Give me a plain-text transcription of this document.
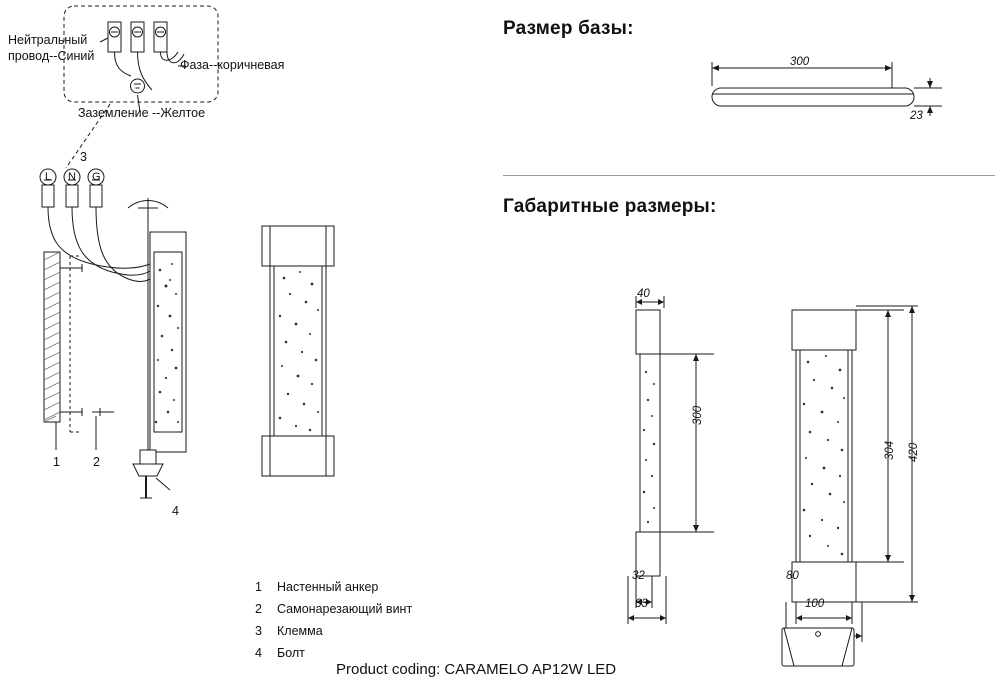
Нейтральный
провод--Синий
Фаза--коричневая
Заземление --Желтое
3
1	2
4
1	Настенный анкер
2	Самонарезающий винт
3	Клемма
4	Болт
Product coding: CARAMELO AP12W LED
Размер базы:
300
23
Габаритные размеры:
40
300
32
63
304 420
80
100
L N G
